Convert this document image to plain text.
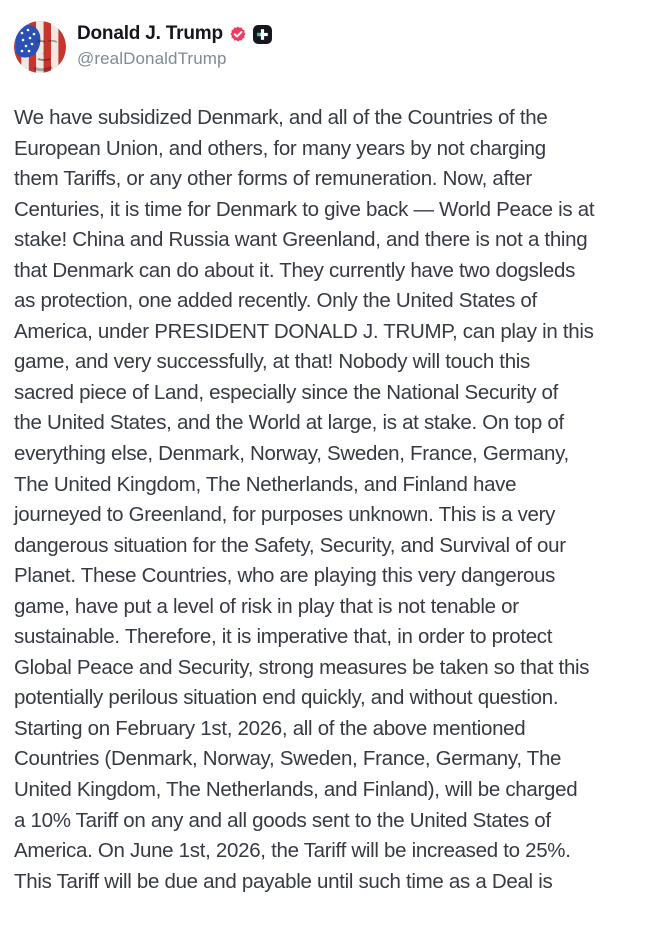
Donald J. Trump
@realDonaldTrump
We have subsidized Denmark, and all of the Countries of the
European Union, and others, for many years by not charging
them Tariffs, or any other forms of remuneration. Now, after
Centuries, it is time for Denmark to give back — World Peace is at
stake! China and Russia want Greenland, and there is not a thing
that Denmark can do about it. They currently have two dogsleds
as protection, one added recently. Only the United States of
America, under PRESIDENT DONALD J. TRUMP, can play in this
game, and very successfully, at that! Nobody will touch this
sacred piece of Land, especially since the National Security of
the United States, and the World at large, is at stake. On top of
everything else, Denmark, Norway, Sweden, France, Germany,
The United Kingdom, The Netherlands, and Finland have
journeyed to Greenland, for purposes unknown. This is a very
dangerous situation for the Safety, Security, and Survival of our
Planet. These Countries, who are playing this very dangerous
game, have put a level of risk in play that is not tenable or
sustainable. Therefore, it is imperative that, in order to protect
Global Peace and Security, strong measures be taken so that this
potentially perilous situation end quickly, and without question.
Starting on February 1st, 2026, all of the above mentioned
Countries (Denmark, Norway, Sweden, France, Germany, The
United Kingdom, The Netherlands, and Finland), will be charged
a 10% Tariff on any and all goods sent to the United States of
America. On June 1st, 2026, the Tariff will be increased to 25%.
This Tariff will be due and payable until such time as a Deal is
